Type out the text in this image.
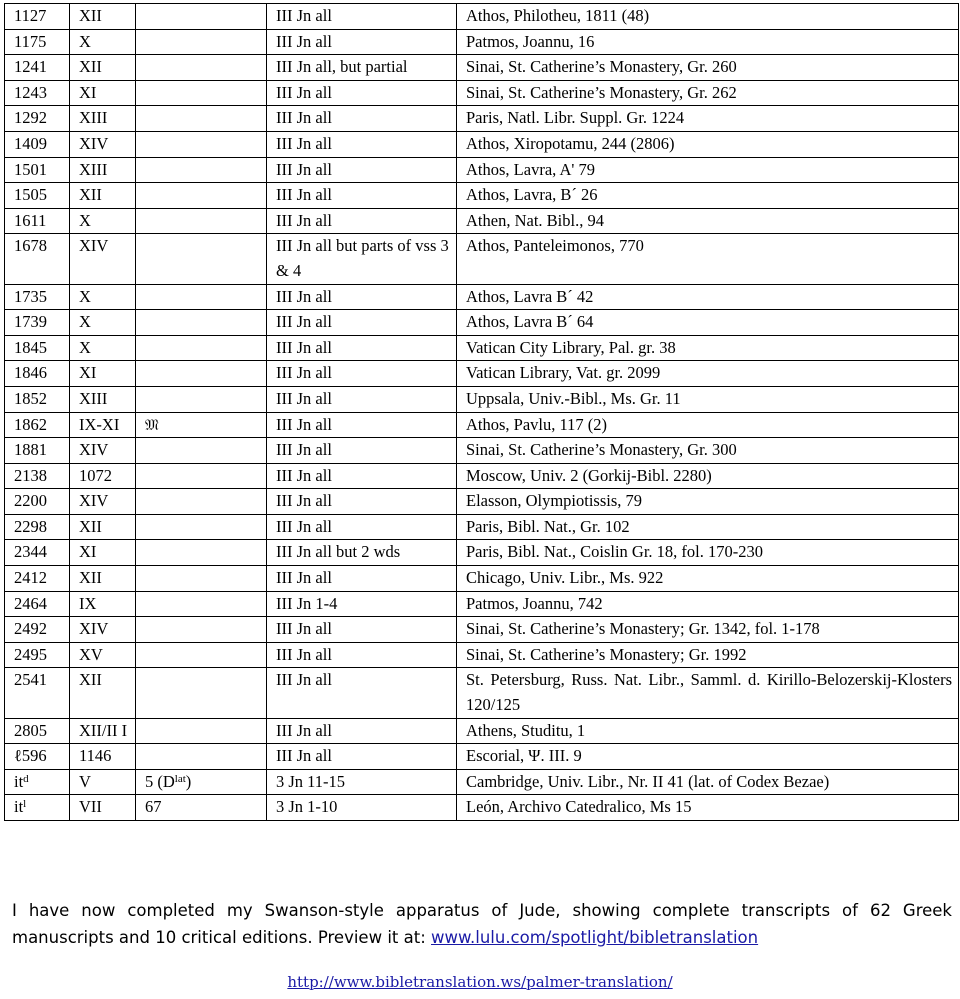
1127	XII		III Jn all	Athos, Philotheu, 1811 (48)
1175	X		III Jn all	Patmos, Joannu, 16
1241	XII		III Jn all, but partial	Sinai, St. Catherine’s Monastery, Gr. 260
1243	XI		III Jn all	Sinai, St. Catherine’s Monastery, Gr. 262
1292	XIII		III Jn all	Paris, Natl. Libr. Suppl. Gr. 1224
1409	XIV		III Jn all	Athos, Xiropotamu, 244 (2806)
1501	XIII		III Jn all	Athos, Lavra, A' 79
1505	XII		III Jn all	Athos, Lavra, B´ 26
1611	X		III Jn all	Athen, Nat. Bibl., 94
1678	XIV		III Jn all but parts of vss 3 & 4	Athos, Panteleimonos, 770
1735	X		III Jn all	Athos, Lavra B´ 42
1739	X		III Jn all	Athos, Lavra B´ 64
1845	X		III Jn all	Vatican City Library, Pal. gr. 38
1846	XI		III Jn all	Vatican Library, Vat. gr. 2099
1852	XIII		III Jn all	Uppsala, Univ.-Bibl., Ms. Gr. 11
1862	IX-XI	𝔐	III Jn all	Athos, Pavlu, 117 (2)
1881	XIV		III Jn all	Sinai, St. Catherine’s Monastery, Gr. 300
2138	1072		III Jn all	Moscow, Univ. 2 (Gorkij-Bibl. 2280)
2200	XIV		III Jn all	Elasson, Olympiotissis, 79
2298	XII		III Jn all	Paris, Bibl. Nat., Gr. 102
2344	XI		III Jn all but 2 wds	Paris, Bibl. Nat., Coislin Gr. 18, fol. 170-230
2412	XII		III Jn all	Chicago, Univ. Libr., Ms. 922
2464	IX		III Jn 1-4	Patmos, Joannu, 742
2492	XIV		III Jn all	Sinai, St. Catherine’s Monastery; Gr. 1342, fol. 1-178
2495	XV		III Jn all	Sinai, St. Catherine’s Monastery; Gr. 1992
2541	XII		III Jn all	St. Petersburg, Russ. Nat. Libr., Samml. d. Kirillo-Belozerskij-Klosters 120/125
2805	XII/II I		III Jn all	Athens, Studitu, 1
ℓ596	1146		III Jn all	Escorial, Ψ. III. 9
$it^d$	V	5 $(D^{lat})$	3 Jn 11-15	Cambridge, Univ. Libr., Nr. II 41 (lat. of Codex Bezae)
$it^l$	VII	67	3 Jn 1-10	León, Archivo Catedralico, Ms 15
I have now completed my Swanson-style apparatus of Jude, showing complete transcripts of 62 Greek manuscripts and 10 critical editions. Preview it at: www.lulu.com/spotlight/bibletranslation
http://www.bibletranslation.ws/palmer-translation/
